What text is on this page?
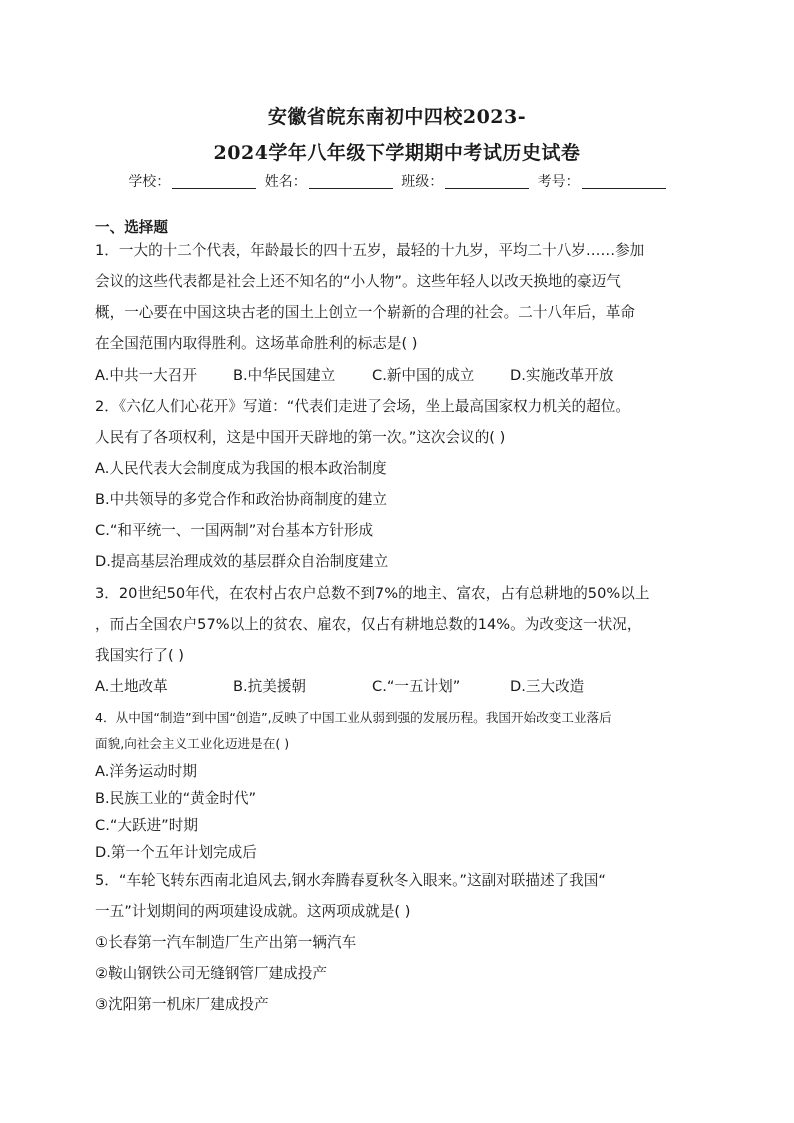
安徽省皖东南初中四校2023-
2024学年八年级下学期期中考试历史试卷
学校：	姓名：	班级：	考号：
一、选择题
1．一大的十二个代表，年龄最长的四十五岁，最轻的十九岁，平均二十八岁……参加
会议的这些代表都是社会上还不知名的“小人物”。这些年轻人以改天换地的豪迈气
概，一心要在中国这块古老的国土上创立一个崭新的合理的社会。二十八年后，革命
在全国范围内取得胜利。这场革命胜利的标志是( )
A.中共一大召开 B.中华民国建立	C.新中国的成立 D.实施改革开放
2．《六亿人们心花开》写道：“代表们走进了会场，坐上最高国家权力机关的超位。
人民有了各项权利，这是中国开天辟地的第一次。”这次会议的( )
A.人民代表大会制度成为我国的根本政治制度
B.中共领导的多党合作和政治协商制度的建立
C.“和平统一、一国两制”对台基本方针形成
D.提高基层治理成效的基层群众自治制度建立
3．20世纪50年代，在农村占农户总数不到7%的地主、富农，占有总耕地的50%以上
，而占全国农户57%以上的贫农、雇农，仅占有耕地总数的14%。为改变这一状况，
我国实行了( )
A.土地改革	B.抗美援朝	C.“一五计划”	D.三大改造
4．从中国“制造”到中国“创造”,反映了中国工业从弱到强的发展历程。我国开始改变工业落后
面貌,向社会主义工业化迈进是在( )
A.洋务运动时期
B.民族工业的“黄金时代”
C.“大跃进”时期
D.第一个五年计划完成后
5．“车轮飞转东西南北追风去,钢水奔腾春夏秋冬入眼来。”这副对联描述了我国“
一五”计划期间的两项建设成就。这两项成就是( )
①长春第一汽车制造厂生产出第一辆汽车
②鞍山钢铁公司无缝钢管厂建成投产
③沈阳第一机床厂建成投产
